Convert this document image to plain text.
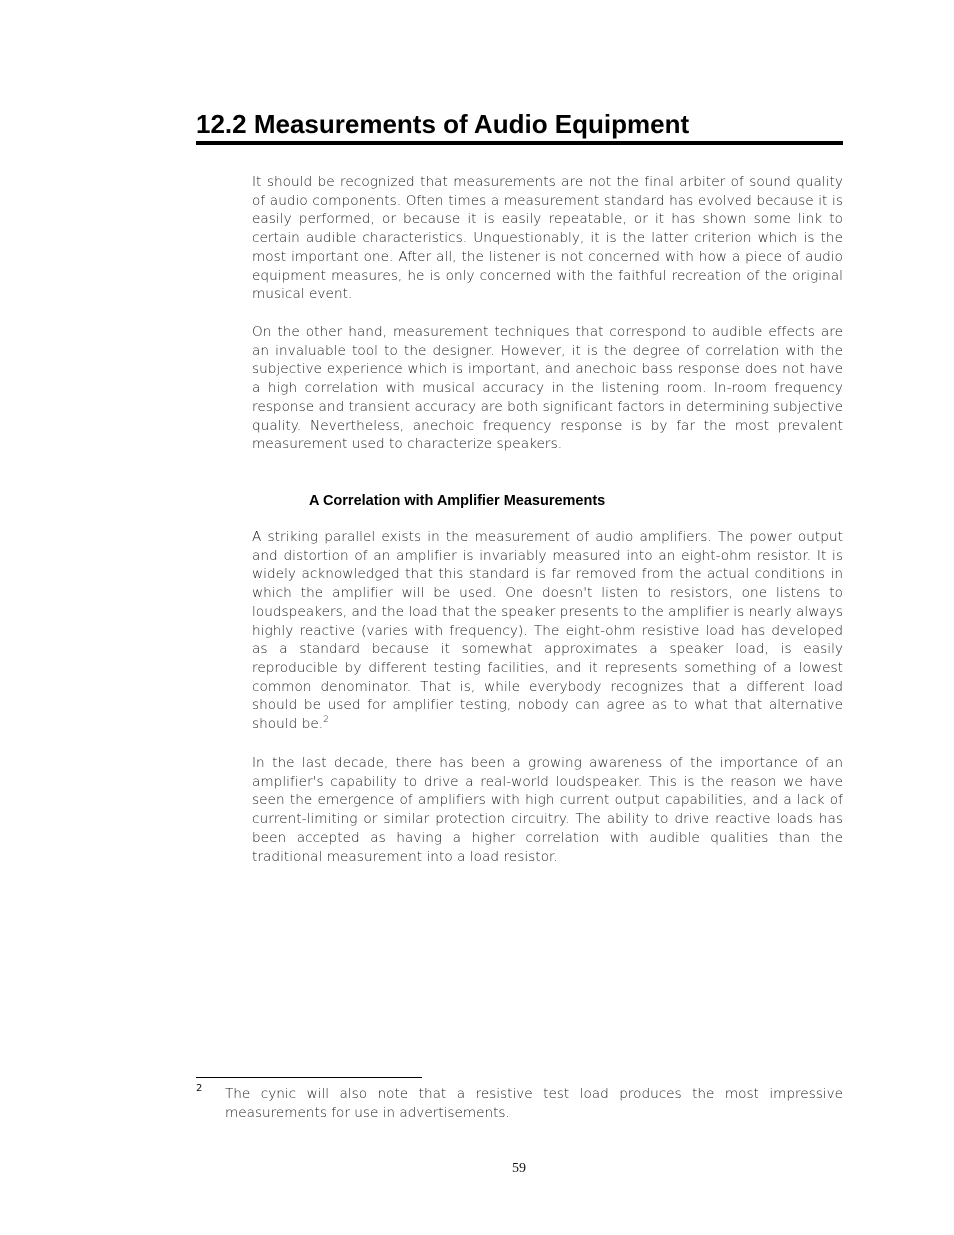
12.2 Measurements of Audio Equipment

It should be recognized that measurements are not the final arbiter of sound quality of audio components. Often times a measurement standard has evolved because it is easily performed, or because it is easily repeatable, or it has shown some link to certain audible characteristics. Unquestionably, it is the latter criterion which is the most important one. After all, the listener is not concerned with how a piece of audio equipment measures, he is only concerned with the faithful recreation of the original musical event.

On the other hand, measurement techniques that correspond to audible effects are an invaluable tool to the designer. However, it is the degree of correlation with the subjective experience which is important, and anechoic bass response does not have a high correlation with musical accuracy in the listening room. In-room frequency response and transient accuracy are both significant factors in determining subjective quality. Nevertheless, anechoic frequency response is by far the most prevalent measurement used to characterize speakers.

A Correlation with Amplifier Measurements

A striking parallel exists in the measurement of audio amplifiers. The power output and distortion of an amplifier is invariably measured into an eight-ohm resistor. It is widely acknowledged that this standard is far removed from the actual conditions in which the amplifier will be used. One doesn't listen to resistors, one listens to loudspeakers, and the load that the speaker presents to the amplifier is nearly always highly reactive (varies with frequency). The eight-ohm resistive load has developed as a standard because it somewhat approximates a speaker load, is easily reproducible by different testing facilities, and it represents something of a lowest common denominator. That is, while everybody recognizes that a different load should be used for amplifier testing, nobody can agree as to what that alternative should be.$^2$

In the last decade, there has been a growing awareness of the importance of an amplifier's capability to drive a real-world loudspeaker. This is the reason we have seen the emergence of amplifiers with high current output capabilities, and a lack of current-limiting or similar protection circuitry. The ability to drive reactive loads has been accepted as having a higher correlation with audible qualities than the traditional measurement into a load resistor.

2 The cynic will also note that a resistive test load produces the most impressive measurements for use in advertisements.

59
